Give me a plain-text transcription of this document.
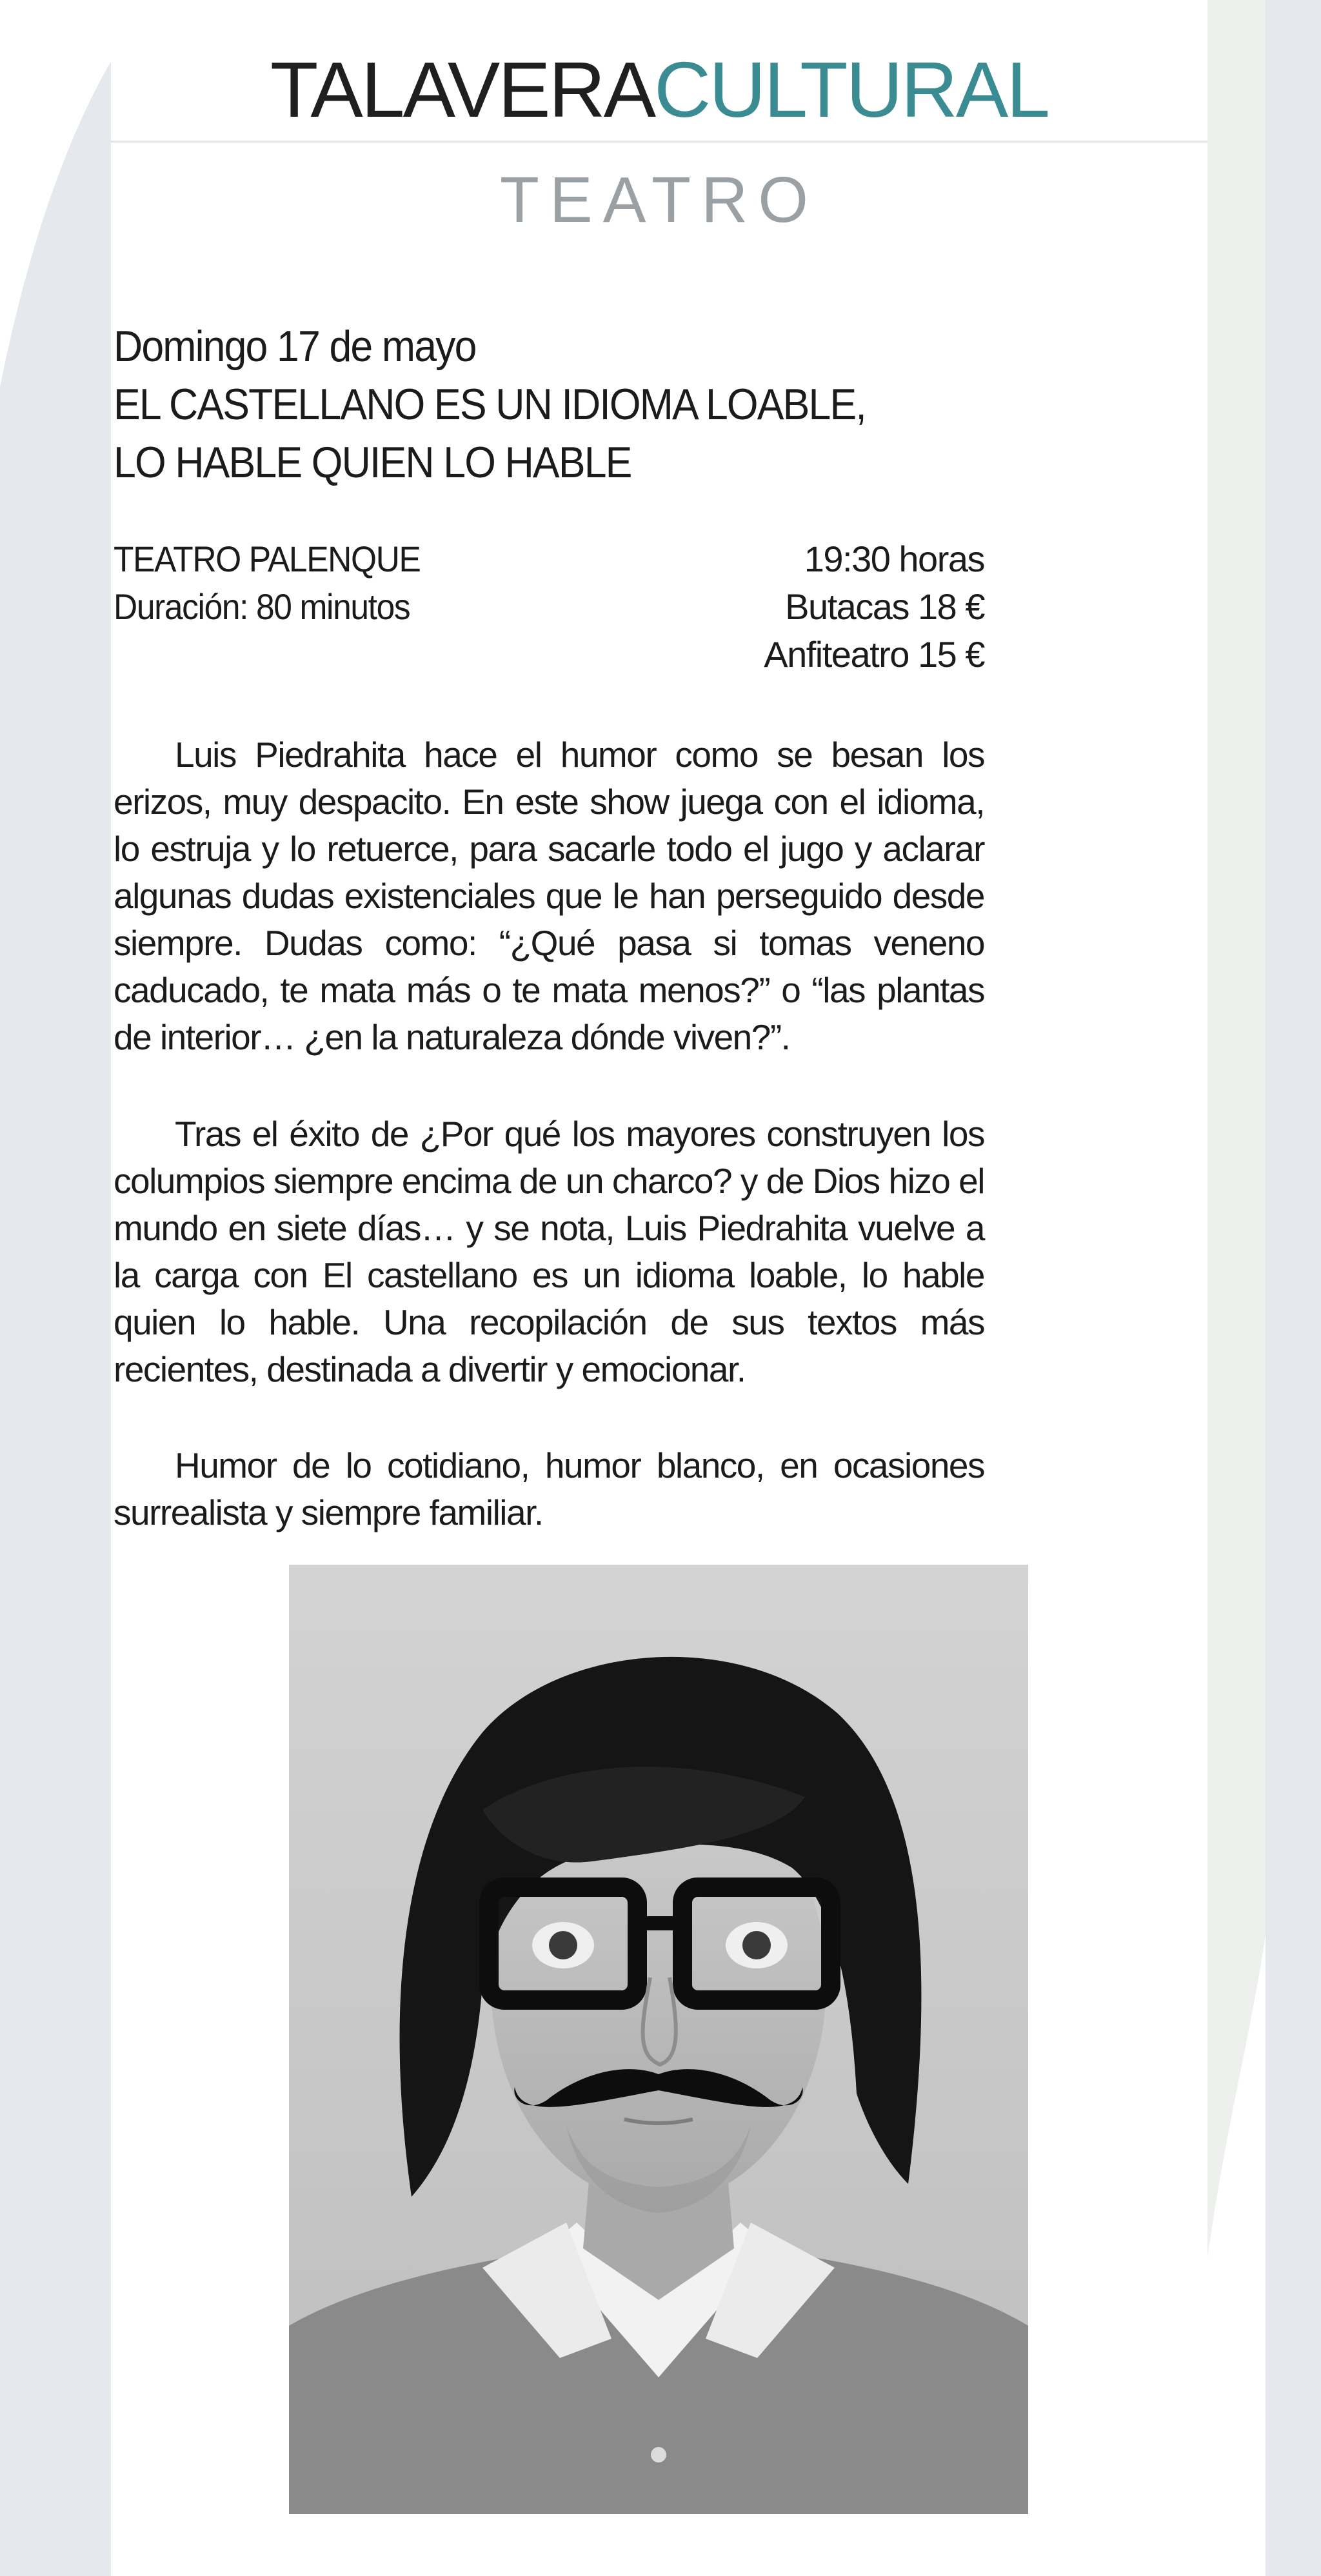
TALAVERACULTURAL
TEATRO
Domingo 17 de mayo
EL CASTELLANO ES UN IDIOMA LOABLE,
LO HABLE QUIEN LO HABLE
TEATRO PALENQUE
Duración: 80 minutos
19:30 horas
Butacas 18 €
Anfiteatro 15 €

Luis Piedrahita hace el humor como se besan los erizos, muy despacito. En este show juega con el idioma, lo estruja y lo retuerce, para sacarle todo el jugo y aclarar algunas dudas existenciales que le han perseguido desde siempre. Dudas como: “¿Qué pasa si tomas veneno caducado, te mata más o te mata menos?” o “las plantas de interior… ¿en la naturaleza dónde viven?”.

Tras el éxito de ¿Por qué los mayores construyen los columpios siempre encima de un charco? y de Dios hizo el mundo en siete días… y se nota, Luis Piedrahita vuelve a la carga con El castellano es un idioma loable, lo hable quien lo hable. Una recopilación de sus textos más recientes, destinada a divertir y emocionar.

Humor de lo cotidiano, humor blanco, en ocasiones surrealista y siempre familiar.

07
